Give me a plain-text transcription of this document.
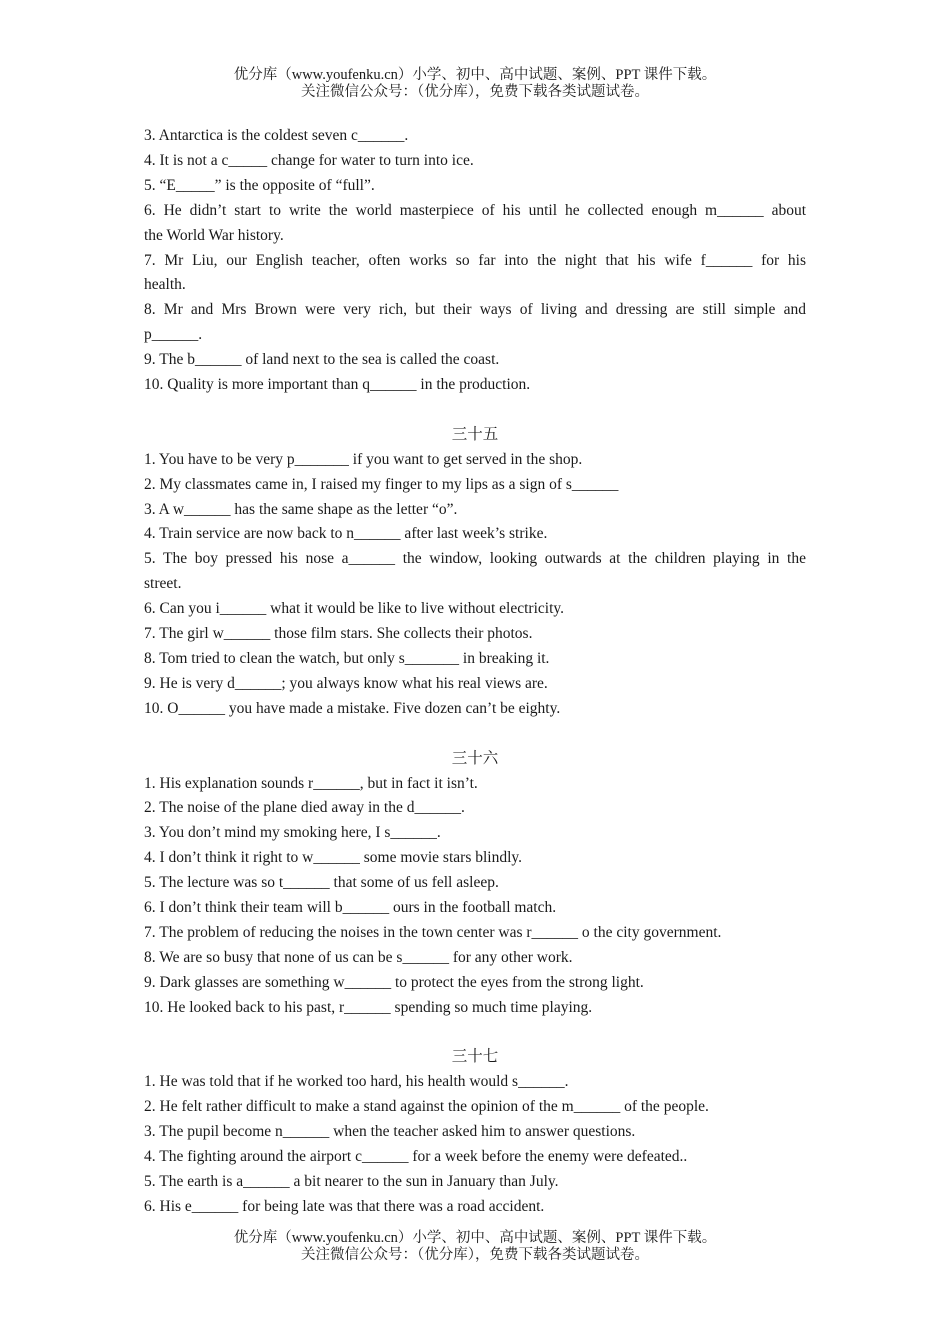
优分库（www.youfenku.cn）小学、初中、高中试题、案例、PPT 课件下载。
关注微信公众号：（优分库），免费下载各类试题试卷。
3. Antarctica is the coldest seven c______.
4. It is not a c_____ change for water to turn into ice.
5. “E_____” is the opposite of “full”.
6. He didn’t start to write the world masterpiece of his until he collected enough m______ about
the World War history.
7. Mr Liu, our English teacher, often works so far into the night that his wife f______ for his
health.
8. Mr and Mrs Brown were very rich, but their ways of living and dressing are still simple and
p______.
9. The b______ of land next to the sea is called the coast.
10. Quality is more important than q______ in the production.
三十五
1. You have to be very p_______ if you want to get served in the shop.
2. My classmates came in, I raised my finger to my lips as a sign of s______
3. A w______ has the same shape as the letter “o”.
4. Train service are now back to n______ after last week’s strike.
5. The boy pressed his nose a______ the window, looking outwards at the children playing in the
street.
6. Can you i______ what it would be like to live without electricity.
7. The girl w______ those film stars. She collects their photos.
8. Tom tried to clean the watch, but only s_______ in breaking it.
9. He is very d______; you always know what his real views are.
10. O______ you have made a mistake. Five dozen can’t be eighty.
三十六
1. His explanation sounds r______, but in fact it isn’t.
2. The noise of the plane died away in the d______.
3. You don’t mind my smoking here, I s______.
4. I don’t think it right to w______ some movie stars blindly.
5. The lecture was so t______ that some of us fell asleep.
6. I don’t think their team will b______ ours in the football match.
7. The problem of reducing the noises in the town center was r______ o the city government.
8. We are so busy that none of us can be s______ for any other work.
9. Dark glasses are something w______ to protect the eyes from the strong light.
10. He looked back to his past, r______ spending so much time playing.
三十七
1. He was told that if he worked too hard, his health would s______.
2. He felt rather difficult to make a stand against the opinion of the m______ of the people.
3. The pupil become n______ when the teacher asked him to answer questions.
4. The fighting around the airport c______ for a week before the enemy were defeated..
5. The earth is a______ a bit nearer to the sun in January than July.
6. His e______ for being late was that there was a road accident.
优分库（www.youfenku.cn）小学、初中、高中试题、案例、PPT 课件下载。
关注微信公众号：（优分库），免费下载各类试题试卷。
